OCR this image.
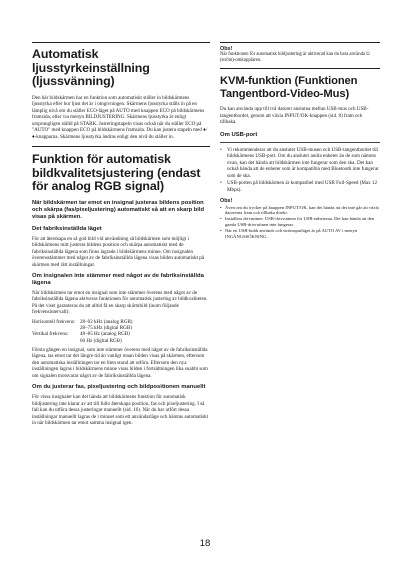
Automatisk ljusstyrkeinställning (ljussvänning)
Den här bildskärmen har en funktion som automatiskt ställer in bildskärmens ljusstyrka efter hur ljust det är i omgivningen. Skärmens ljusstyrka ställs in på en lämplig nivå om du ställer ECO-läget på AUTO med knappen ECO på bildskärmens framsida, eller via menyn BILDJUSTERING. Skärmens ljusstyrka är enligt ursprungligen ställd på STARK. Justeringstapeln visas också när du ställer ECO på "AUTO" med knappen ECO på bildskärmens framsida. Du kan justera stapeln med ♦/♦-knapparna. Skärmens ljusstyrka ändras enligt den nivå du ställer in.
Funktion för automatisk bildkvalitetsjustering (endast för analog RGB signal)
När bildskärmen tar emot en insignal justeras bildens position och skärpa (fas/pixeljustering) automatiskt så att en skarp bild visas på skärmen.
Det fabriksinställda läget
För att återskapa en så god bild vid användning så bildskärmen som möjligt i bildskärmens mitt justeras bildens position och skärpa automatiskt med de fabriksinställda lägena som finns lagrade i bildskärmens minne. Om insignalen överensstämmer med något av de fabriksinställda lägena visas bilden automatiskt på skärmen med rätt inställningar.
Om insignalen inte stämmer med något av de fabriksinställda lägena
När bildskärmen tar emot en insignal som inte stämmer överens med något av de fabriksinställda lägena aktiveras funktionen för automatisk justering av bildkvaliteten. På det viset garanteras du att alltid få en skarp skärmbild (inom följande frekvensintervall):
Horisontell frekvens: 28–92 kHz (analog RGB)
28–75 kHz (digital RGB)
Vertikal frekvens:	48–85 Hz (analog RGB)
60 Hz (digital RGB)
Första gången en insignal, som inte stämmer överens med något av de fabriksinställda lägena, tas emot tar det längre tid än vanligt innan bilden visas på skärmen, eftersom den automatiska inställningen tar en liten stund att utföra. Eftersom den nya inställningen lagras i bildskärmens minne visas bilden i fortsättningen lika snabbt som om signalen motsvarar något av de fabriksinställda lägena.
Om du justerar fas, pixeljustering och bildpositionen manuellt
För vissa insignaler kan det hända att bildskärmens funktion för automatisk bildjustering inte klarar av att till fullo återskapa position, fas och pixeljustering. I så fall kan du utföra dessa justeringar manuellt (sid. 16). När du har utfört dessa inställningar manuellt lagras de i minnet som ett användarläge och hämtas automatiskt in när bildskärmen tar emot samma insignal igen.
Obs!
När funktionen för automatisk bildjustering är aktiverad kan du bara använda ⏻ (ström)-omkopplaren.
KVM-funktion (Funktionen Tangentbord-Video-Mus)
Du kan använda upp till två datorer anslutna mellan USB-mus och USB-tangentbordet, genom att växla INPUT/OK-knappen (sid. 8) fram och tillbaka.
Om USB-port
•	Vi rekommenderar att du ansluter USB-musen och USB-tangentbordet till bildskärmens USB-port. Om du ansluter andra enheter än de som nämnts ovan, kan det hända att bildskärmen inte fungerar som den ska. Det kan också hända att de enheter som är kompatibla med Bluetooth inte fungerar som de ska.
•	USB-porten på bildskärmen är kompatibel med USB Full-Speed (Max 12 Mbps).
Obs!
• Även om du trycker på knappen INPUT/OK, kan det hända att det inte går att växla datorerna fram och tillbaka direkt.
• Installera drivrutiner. USB-drivrutinen för USB-enheterna. Det kan hända att den gamla USB-drivrutinen inte fungerar.
• När en USB-hubb används och strömsparläget är på AUTO AV i menyn INGÅNGSSÖKNING.
18
